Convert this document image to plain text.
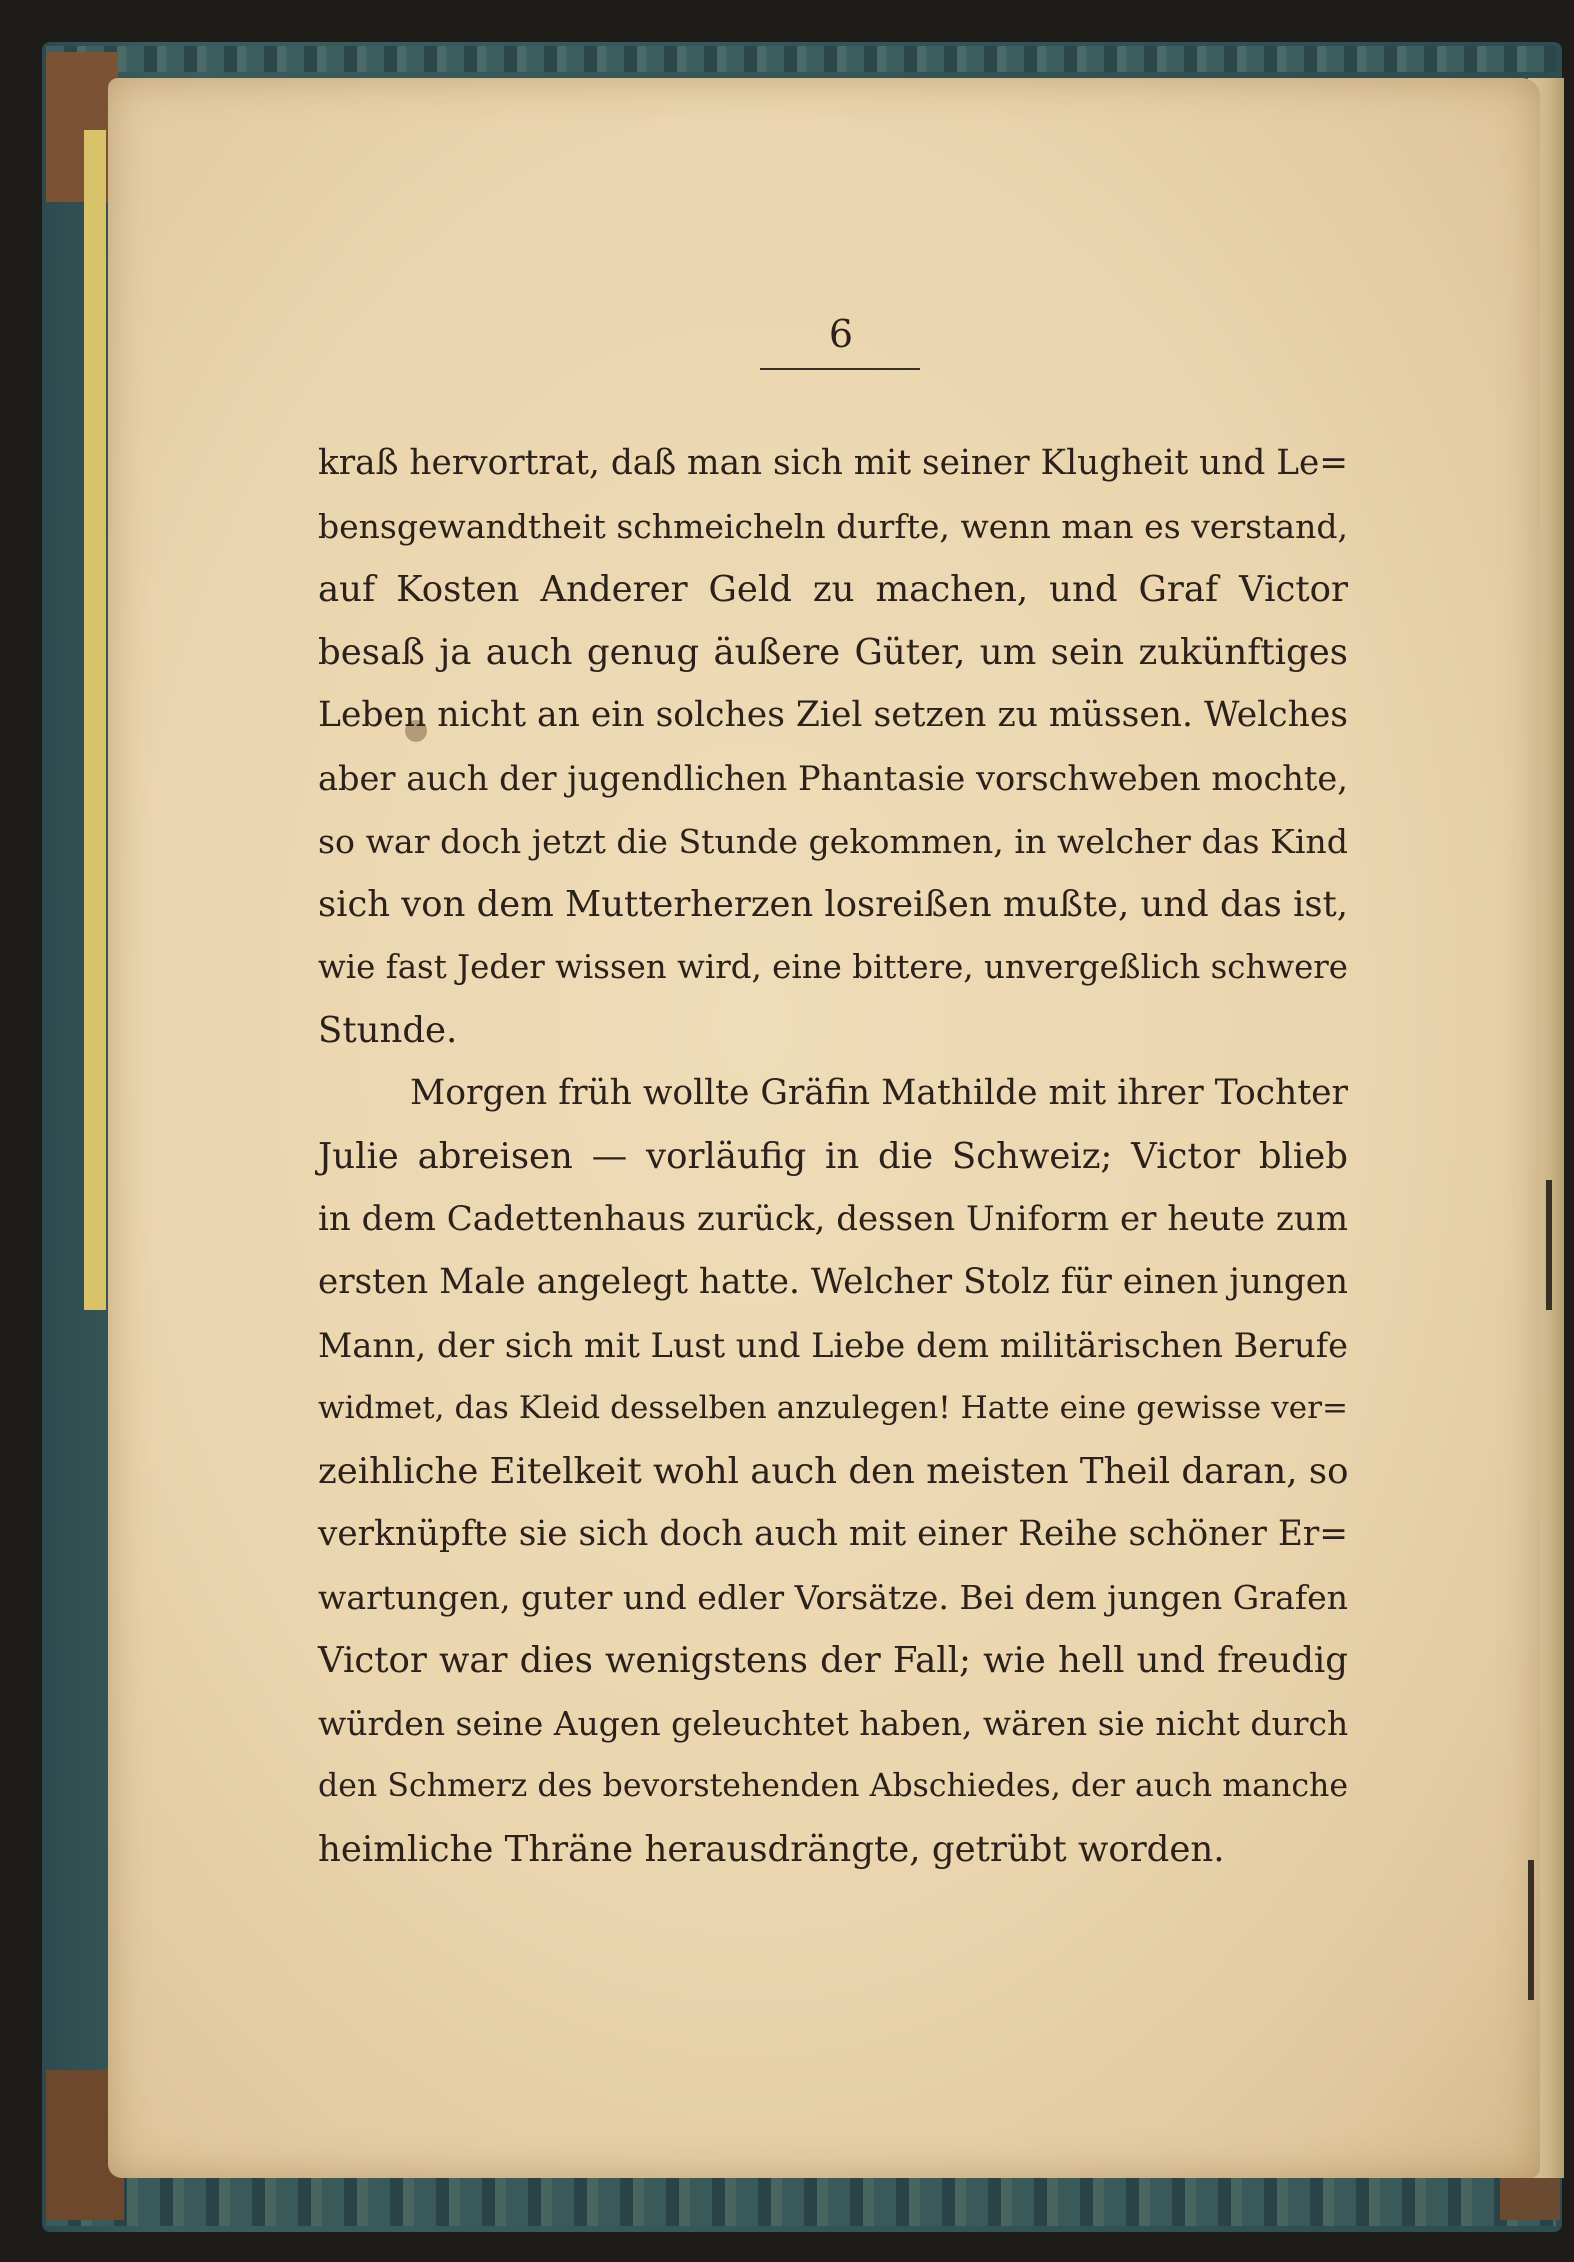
6
kraß hervortrat, daß man sich mit seiner Klugheit und Le=
bensgewandtheit schmeicheln durfte, wenn man es verstand,
auf Kosten Anderer Geld zu machen, und Graf Victor
besaß ja auch genug äußere Güter, um sein zukünftiges
Leben nicht an ein solches Ziel setzen zu müssen. Welches
aber auch der jugendlichen Phantasie vorschweben mochte,
so war doch jetzt die Stunde gekommen, in welcher das Kind
sich von dem Mutterherzen losreißen mußte, und das ist,
wie fast Jeder wissen wird, eine bittere, unvergeßlich schwere
Stunde.
Morgen früh wollte Gräfin Mathilde mit ihrer Tochter
Julie abreisen — vorläufig in die Schweiz; Victor blieb
in dem Cadettenhaus zurück, dessen Uniform er heute zum
ersten Male angelegt hatte. Welcher Stolz für einen jungen
Mann, der sich mit Lust und Liebe dem militärischen Berufe
widmet, das Kleid desselben anzulegen! Hatte eine gewisse ver=
zeihliche Eitelkeit wohl auch den meisten Theil daran, so
verknüpfte sie sich doch auch mit einer Reihe schöner Er=
wartungen, guter und edler Vorsätze. Bei dem jungen Grafen
Victor war dies wenigstens der Fall; wie hell und freudig
würden seine Augen geleuchtet haben, wären sie nicht durch
den Schmerz des bevorstehenden Abschiedes, der auch manche
heimliche Thräne herausdrängte, getrübt worden.
